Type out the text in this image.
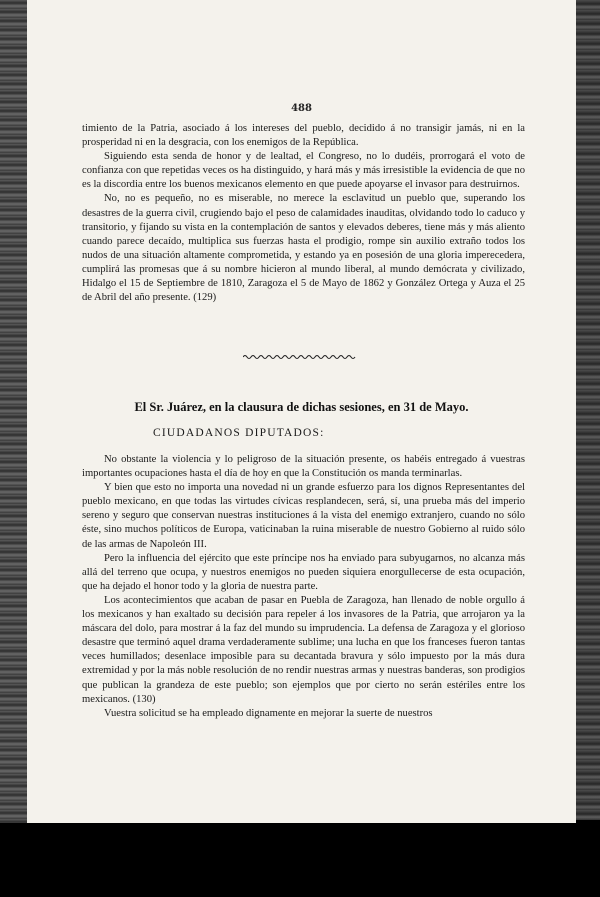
488

timiento de la Patria, asociado á los intereses del pueblo, decidido á no transigir jamás, ni en la prosperidad ni en la desgracia, con los enemigos de la República.

Siguiendo esta senda de honor y de lealtad, el Congreso, no lo dudéis, prorrogará el voto de confianza con que repetidas veces os ha distinguido, y hará más y más irresistible la evidencia de que no es la discordia entre los buenos mexicanos elemento en que puede apoyarse el invasor para destruirnos.

No, no es pequeño, no es miserable, no merece la esclavitud un pueblo que, superando los desastres de la guerra civil, crugiendo bajo el peso de calamidades inauditas, olvidando todo lo caduco y transitorio, y fijando su vista en la contemplación de santos y elevados deberes, tiene más y más aliento cuando parece decaído, multiplica sus fuerzas hasta el prodigio, rompe sin auxilio extraño todos los nudos de una situación altamente comprometida, y estando ya en posesión de una gloria imperecedera, cumplirá las promesas que á su nombre hicieron al mundo liberal, al mundo demócrata y civilizado, Hidalgo el 15 de Septiembre de 1810, Zaragoza el 5 de Mayo de 1862 y González Ortega y Auza el 25 de Abril del año presente. (129)

El Sr. Juárez, en la clausura de dichas sesiones, en 31 de Mayo.
CIUDADANOS DIPUTADOS:

No obstante la violencia y lo peligroso de la situación presente, os habéis entregado á vuestras importantes ocupaciones hasta el día de hoy en que la Constitución os manda terminarlas.

Y bien que esto no importa una novedad ni un grande esfuerzo para los dignos Representantes del pueblo mexicano, en que todas las virtudes cívicas resplandecen, será, sí, una prueba más del imperio sereno y seguro que conservan nuestras instituciones á la vista del enemigo extranjero, cuando no sólo éste, sino muchos políticos de Europa, vaticinaban la ruina miserable de nuestro Gobierno al ruido sólo de las armas de Napoleón III.

Pero la influencia del ejército que este príncipe nos ha enviado para subyugarnos, no alcanza más allá del terreno que ocupa, y nuestros enemigos no pueden siquiera enorgullecerse de esta ocupación, que ha dejado el honor todo y la gloria de nuestra parte.

Los acontecimientos que acaban de pasar en Puebla de Zaragoza, han llenado de noble orgullo á los mexicanos y han exaltado su decisión para repeler á los invasores de la Patria, que arrojaron ya la máscara del dolo, para mostrar á la faz del mundo su imprudencia. La defensa de Zaragoza y el glorioso desastre que terminó aquel drama verdaderamente sublime; una lucha en que los franceses fueron tantas veces humillados; desenlace imposible para su decantada bravura y sólo impuesto por la más dura extremidad y por la más noble resolución de no rendir nuestras armas y nuestras banderas, son prodigios que publican la grandeza de este pueblo; son ejemplos que por cierto no serán estériles entre los mexicanos. (130)

Vuestra solicitud se ha empleado dignamente en mejorar la suerte de nuestros
